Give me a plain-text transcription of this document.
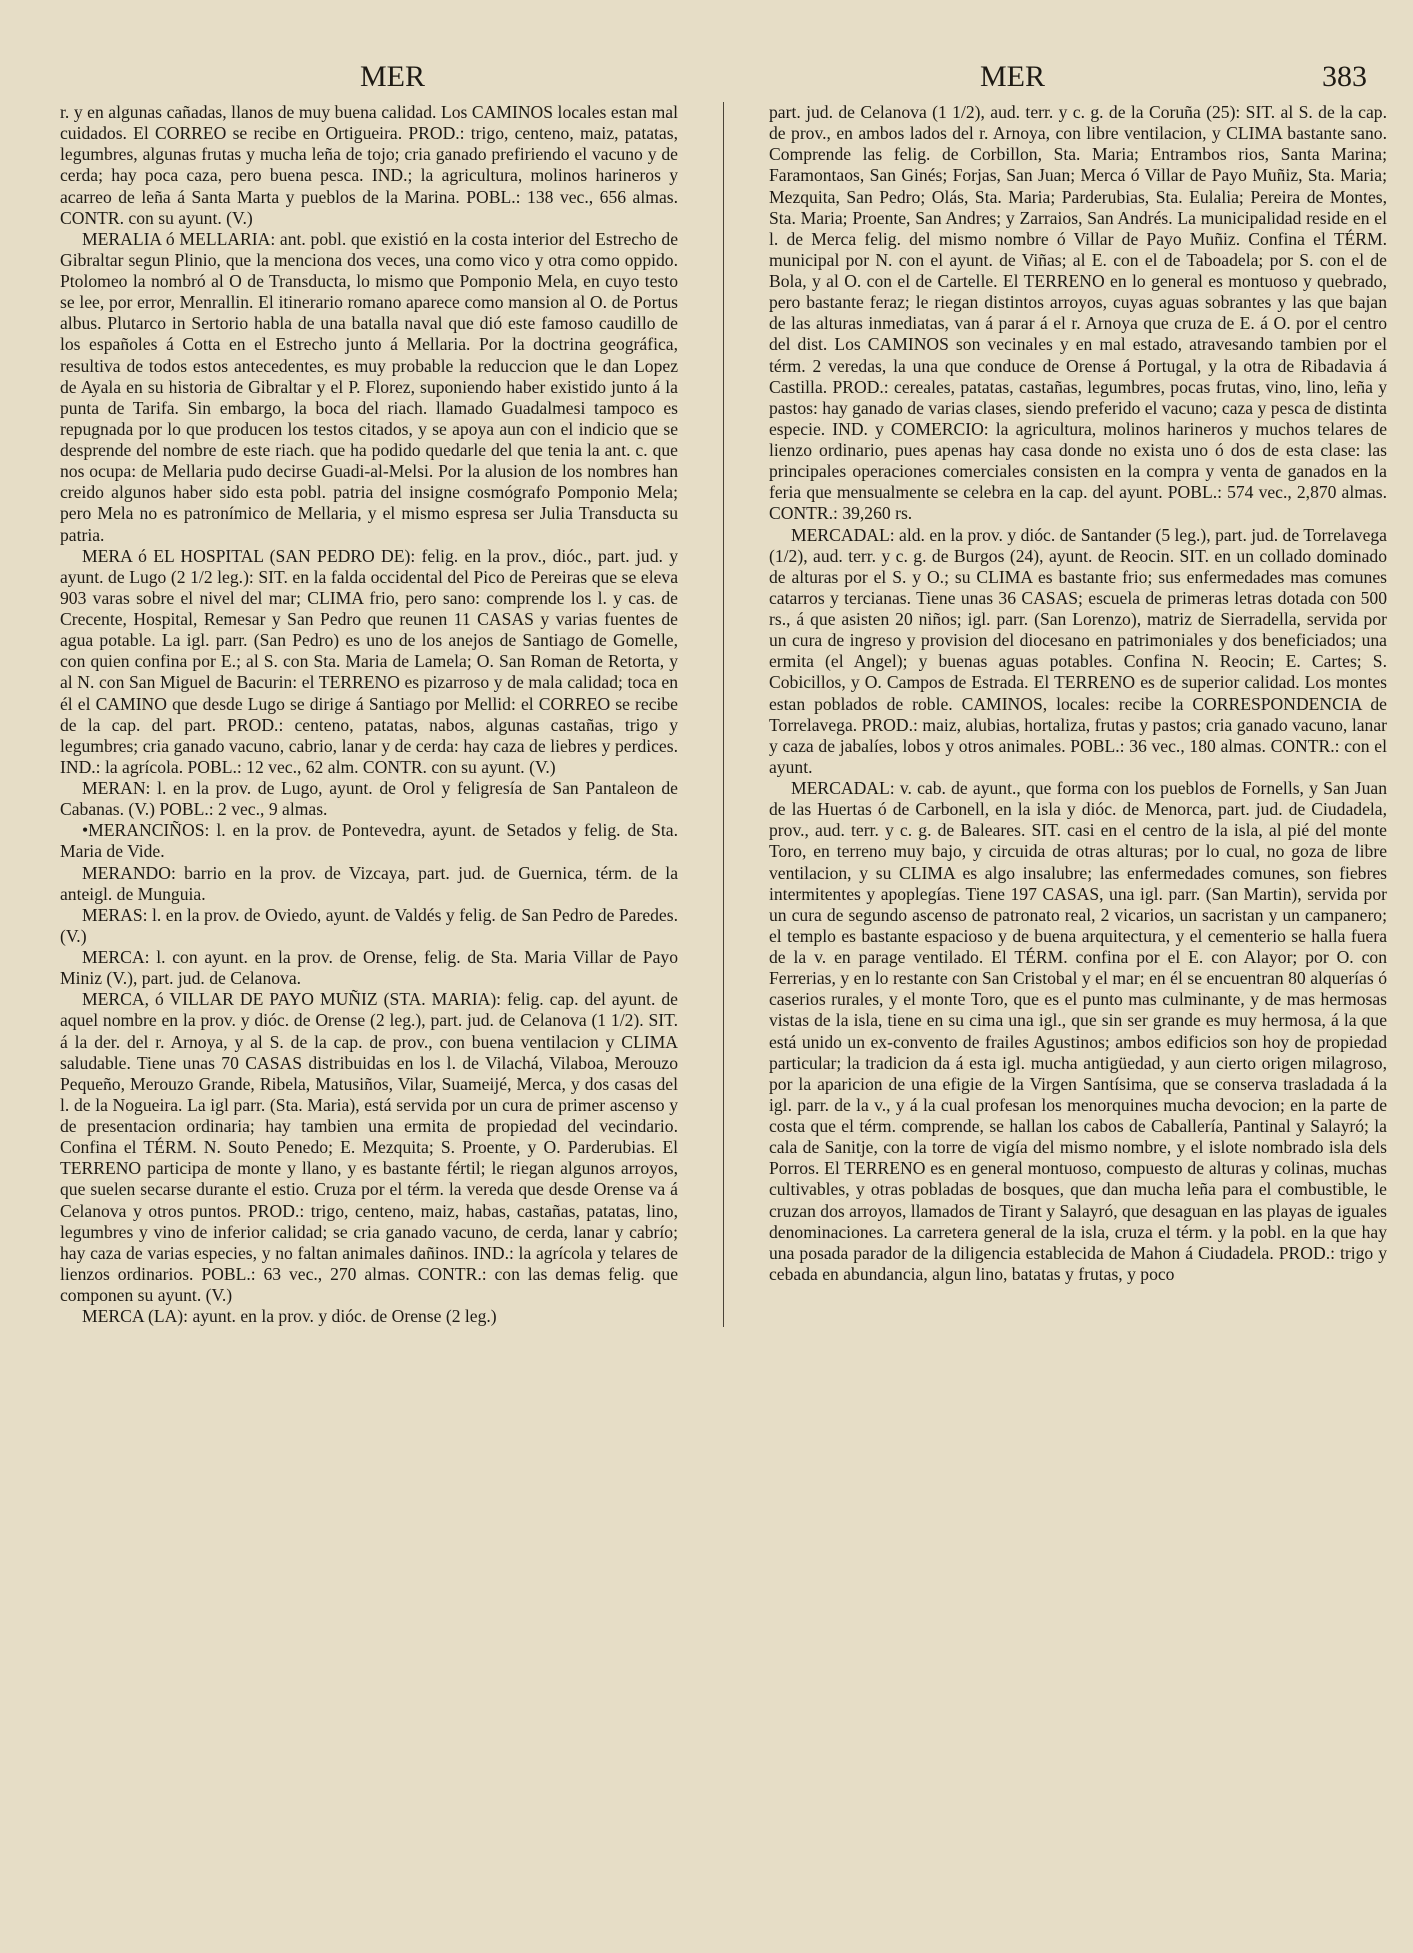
MER	MER	383

r. y en algunas cañadas, llanos de muy buena calidad. Los CAMINOS locales estan mal cuidados. El CORREO se recibe en Ortigueira. PROD.: trigo, centeno, maiz, patatas, legumbres, algunas frutas y mucha leña de tojo; cria ganado prefiriendo el vacuno y de cerda; hay poca caza, pero buena pesca. IND.; la agricultura, molinos harineros y acarreo de leña á Santa Marta y pueblos de la Marina. POBL.: 138 vec., 656 almas. CONTR. con su ayunt. (V.)

MERALIA ó MELLARIA: ant. pobl. que existió en la costa interior del Estrecho de Gibraltar segun Plinio, que la menciona dos veces, una como vico y otra como oppido. Ptolomeo la nombró al O de Transducta, lo mismo que Pomponio Mela, en cuyo testo se lee, por error, Menrallin. El itinerario romano aparece como mansion al O. de Portus albus. Plutarco in Sertorio habla de una batalla naval que dió este famoso caudillo de los españoles á Cotta en el Estrecho junto á Mellaria. Por la doctrina geográfica, resultiva de todos estos antecedentes, es muy probable la reduccion que le dan Lopez de Ayala en su historia de Gibraltar y el P. Florez, suponiendo haber existido junto á la punta de Tarifa. Sin embargo, la boca del riach. llamado Guadalmesi tampoco es repugnada por lo que producen los testos citados, y se apoya aun con el indicio que se desprende del nombre de este riach. que ha podido quedarle del que tenia la ant. c. que nos ocupa: de Mellaria pudo decirse Guadi-al-Melsi. Por la alusion de los nombres han creido algunos haber sido esta pobl. patria del insigne cosmógrafo Pomponio Mela; pero Mela no es patronímico de Mellaria, y el mismo espresa ser Julia Transducta su patria.

MERA ó EL HOSPITAL (SAN PEDRO DE): felig. en la prov., dióc., part. jud. y ayunt. de Lugo (2 1/2 leg.): SIT. en la falda occidental del Pico de Pereiras que se eleva 903 varas sobre el nivel del mar; CLIMA frio, pero sano: comprende los l. y cas. de Crecente, Hospital, Remesar y San Pedro que reunen 11 CASAS y varias fuentes de agua potable. La igl. parr. (San Pedro) es uno de los anejos de Santiago de Gomelle, con quien confina por E.; al S. con Sta. Maria de Lamela; O. San Roman de Retorta, y al N. con San Miguel de Bacurin: el TERRENO es pizarroso y de mala calidad; toca en él el CAMINO que desde Lugo se dirige á Santiago por Mellid: el CORREO se recibe de la cap. del part. PROD.: centeno, patatas, nabos, algunas castañas, trigo y legumbres; cria ganado vacuno, cabrio, lanar y de cerda: hay caza de liebres y perdices. IND.: la agrícola. POBL.: 12 vec., 62 alm. CONTR. con su ayunt. (V.)

MERAN: l. en la prov. de Lugo, ayunt. de Orol y feligresía de San Pantaleon de Cabanas. (V.) POBL.: 2 vec., 9 almas.

•MERANCIÑOS: l. en la prov. de Pontevedra, ayunt. de Setados y felig. de Sta. Maria de Vide.

MERANDO: barrio en la prov. de Vizcaya, part. jud. de Guernica, térm. de la anteigl. de Munguia.

MERAS: l. en la prov. de Oviedo, ayunt. de Valdés y felig. de San Pedro de Paredes. (V.)

MERCA: l. con ayunt. en la prov. de Orense, felig. de Sta. Maria Villar de Payo Miniz (V.), part. jud. de Celanova.

MERCA, ó VILLAR DE PAYO MUÑIZ (STA. MARIA): felig. cap. del ayunt. de aquel nombre en la prov. y dióc. de Orense (2 leg.), part. jud. de Celanova (1 1/2). SIT. á la der. del r. Arnoya, y al S. de la cap. de prov., con buena ventilacion y CLIMA saludable. Tiene unas 70 CASAS distribuidas en los l. de Vilachá, Vilaboa, Merouzo Pequeño, Merouzo Grande, Ribela, Matusiños, Vilar, Suameijé, Merca, y dos casas del l. de la Nogueira. La igl parr. (Sta. Maria), está servida por un cura de primer ascenso y de presentacion ordinaria; hay tambien una ermita de propiedad del vecindario. Confina el TÉRM. N. Souto Penedo; E. Mezquita; S. Proente, y O. Parderubias. El TERRENO participa de monte y llano, y es bastante fértil; le riegan algunos arroyos, que suelen secarse durante el estio. Cruza por el térm. la vereda que desde Orense va á Celanova y otros puntos. PROD.: trigo, centeno, maiz, habas, castañas, patatas, lino, legumbres y vino de inferior calidad; se cria ganado vacuno, de cerda, lanar y cabrío; hay caza de varias especies, y no faltan animales dañinos. IND.: la agrícola y telares de lienzos ordinarios. POBL.: 63 vec., 270 almas. CONTR.: con las demas felig. que componen su ayunt. (V.)

MERCA (LA): ayunt. en la prov. y dióc. de Orense (2 leg.)

part. jud. de Celanova (1 1/2), aud. terr. y c. g. de la Coruña (25): SIT. al S. de la cap. de prov., en ambos lados del r. Arnoya, con libre ventilacion, y CLIMA bastante sano. Comprende las felig. de Corbillon, Sta. Maria; Entrambos rios, Santa Marina; Faramontaos, San Ginés; Forjas, San Juan; Merca ó Villar de Payo Muñiz, Sta. Maria; Mezquita, San Pedro; Olás, Sta. Maria; Parderubias, Sta. Eulalia; Pereira de Montes, Sta. Maria; Proente, San Andres; y Zarraios, San Andrés. La municipalidad reside en el l. de Merca felig. del mismo nombre ó Villar de Payo Muñiz. Confina el TÉRM. municipal por N. con el ayunt. de Viñas; al E. con el de Taboadela; por S. con el de Bola, y al O. con el de Cartelle. El TERRENO en lo general es montuoso y quebrado, pero bastante feraz; le riegan distintos arroyos, cuyas aguas sobrantes y las que bajan de las alturas inmediatas, van á parar á el r. Arnoya que cruza de E. á O. por el centro del dist. Los CAMINOS son vecinales y en mal estado, atravesando tambien por el térm. 2 veredas, la una que conduce de Orense á Portugal, y la otra de Ribadavia á Castilla. PROD.: cereales, patatas, castañas, legumbres, pocas frutas, vino, lino, leña y pastos: hay ganado de varias clases, siendo preferido el vacuno; caza y pesca de distinta especie. IND. y COMERCIO: la agricultura, molinos harineros y muchos telares de lienzo ordinario, pues apenas hay casa donde no exista uno ó dos de esta clase: las principales operaciones comerciales consisten en la compra y venta de ganados en la feria que mensualmente se celebra en la cap. del ayunt. POBL.: 574 vec., 2,870 almas. CONTR.: 39,260 rs.

MERCADAL: ald. en la prov. y dióc. de Santander (5 leg.), part. jud. de Torrelavega (1/2), aud. terr. y c. g. de Burgos (24), ayunt. de Reocin. SIT. en un collado dominado de alturas por el S. y O.; su CLIMA es bastante frio; sus enfermedades mas comunes catarros y tercianas. Tiene unas 36 CASAS; escuela de primeras letras dotada con 500 rs., á que asisten 20 niños; igl. parr. (San Lorenzo), matriz de Sierradella, servida por un cura de ingreso y provision del diocesano en patrimoniales y dos beneficiados; una ermita (el Angel); y buenas aguas potables. Confina N. Reocin; E. Cartes; S. Cobicillos, y O. Campos de Estrada. El TERRENO es de superior calidad. Los montes estan poblados de roble. CAMINOS, locales: recibe la CORRESPONDENCIA de Torrelavega. PROD.: maiz, alubias, hortaliza, frutas y pastos; cria ganado vacuno, lanar y caza de jabalíes, lobos y otros animales. POBL.: 36 vec., 180 almas. CONTR.: con el ayunt.

MERCADAL: v. cab. de ayunt., que forma con los pueblos de Fornells, y San Juan de las Huertas ó de Carbonell, en la isla y dióc. de Menorca, part. jud. de Ciudadela, prov., aud. terr. y c. g. de Baleares. SIT. casi en el centro de la isla, al pié del monte Toro, en terreno muy bajo, y circuida de otras alturas; por lo cual, no goza de libre ventilacion, y su CLIMA es algo insalubre; las enfermedades comunes, son fiebres intermitentes y apoplegías. Tiene 197 CASAS, una igl. parr. (San Martin), servida por un cura de segundo ascenso de patronato real, 2 vicarios, un sacristan y un campanero; el templo es bastante espacioso y de buena arquitectura, y el cementerio se halla fuera de la v. en parage ventilado. El TÉRM. confina por el E. con Alayor; por O. con Ferrerias, y en lo restante con San Cristobal y el mar; en él se encuentran 80 alquerías ó caserios rurales, y el monte Toro, que es el punto mas culminante, y de mas hermosas vistas de la isla, tiene en su cima una igl., que sin ser grande es muy hermosa, á la que está unido un ex-convento de frailes Agustinos; ambos edificios son hoy de propiedad particular; la tradicion da á esta igl. mucha antigüedad, y aun cierto origen milagroso, por la aparicion de una efigie de la Virgen Santísima, que se conserva trasladada á la igl. parr. de la v., y á la cual profesan los menorquines mucha devocion; en la parte de costa que el térm. comprende, se hallan los cabos de Caballería, Pantinal y Salayró; la cala de Sanitje, con la torre de vigía del mismo nombre, y el islote nombrado isla dels Porros. El TERRENO es en general montuoso, compuesto de alturas y colinas, muchas cultivables, y otras pobladas de bosques, que dan mucha leña para el combustible, le cruzan dos arroyos, llamados de Tirant y Salayró, que desaguan en las playas de iguales denominaciones. La carretera general de la isla, cruza el térm. y la pobl. en la que hay una posada parador de la diligencia establecida de Mahon á Ciudadela. PROD.: trigo y cebada en abundancia, algun lino, batatas y frutas, y poco
